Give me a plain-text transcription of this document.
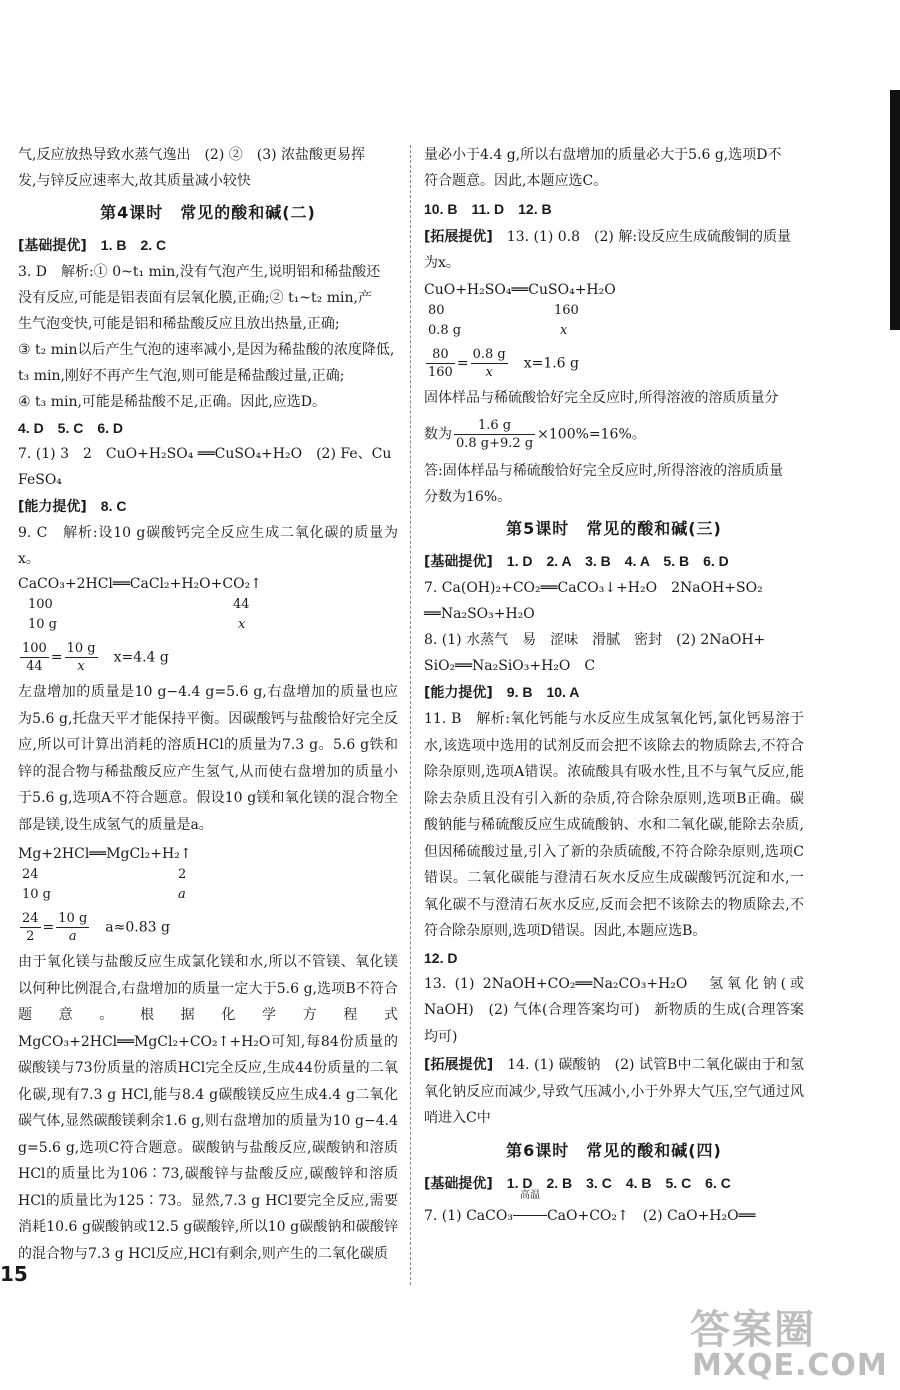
气,反应放热导致水蒸气逸出　(2) ②　(3) 浓盐酸更易挥

发,与锌反应速率大,故其质量减小较快

第4课时　常见的酸和碱(二)

[基础提优]　 1. B　2. C

3. D　解析:① 0~t₁ min,没有气泡产生,说明铝和稀盐酸还

没有反应,可能是铝表面有层氧化膜,正确;② t₁~t₂ min,产

生气泡变快,可能是铝和稀盐酸反应且放出热量,正确;

③ t₂ min以后产生气泡的速率减小,是因为稀盐酸的浓度降低,

t₃ min,刚好不再产生气泡,则可能是稀盐酸过量,正确;

④ t₃ min,可能是稀盐酸不足,正确。因此,应选D。

4. D　5. C　6. D

7. (1) 3　2　CuO+H₂SO₄ ══CuSO₄+H₂O　(2) Fe、Cu

FeSO₄

[能力提优]　 8. C

9. C　解析:设10 g碳酸钙完全反应生成二氧化碳的质量为x。

CaCO₃+2HCl══CaCl₂+H₂O+CO₂↑
100	44
10 g	x
$\frac{100}{44} = \frac{10 g}{x}$
　 x=4.4 g

左盘增加的质量是10 g−4.4 g=5.6 g,右盘增加的质量也应为5.6 g,托盘天平才能保持平衡。因碳酸钙与盐酸恰好完全反应,所以可计算出消耗的溶质HCl的质量为7.3 g。5.6 g铁和锌的混合物与稀盐酸反应产生氢气,从而使右盘增加的质量小于5.6 g,选项A不符合题意。假设10 g镁和氧化镁的混合物全部是镁,设生成氢气的质量是a。

Mg+2HCl══MgCl₂+H₂↑
24	2
10 g	a
$\frac{24}{2} = \frac{10 g}{a}$
　 a≈0.83 g

由于氧化镁与盐酸反应生成氯化镁和水,所以不管镁、氧化镁以何种比例混合,右盘增加的质量一定大于5.6 g,选项B不符合题意。根据化学方程式 MgCO₃+2HCl══MgCl₂+CO₂↑+H₂O可知,每84份质量的碳酸镁与73份质量的溶质HCl完全反应,生成44份质量的二氧化碳,现有7.3 g HCl,能与8.4 g碳酸镁反应生成4.4 g二氧化碳气体,显然碳酸镁剩余1.6 g,则右盘增加的质量为10 g−4.4 g=5.6 g,选项C符合题意。碳酸钠与盐酸反应,碳酸钠和溶质HCl的质量比为106∶73,碳酸锌与盐酸反应,碳酸锌和溶质HCl的质量比为125∶73。显然,7.3 g HCl要完全反应,需要消耗10.6 g碳酸钠或12.5 g碳酸锌,所以10 g碳酸钠和碳酸锌的混合物与7.3 g HCl反应,HCl有剩余,则产生的二氧化碳质

量必小于4.4 g,所以右盘增加的质量必大于5.6 g,选项D不

符合题意。因此,本题应选C。

10. B　11. D　12. B

[拓展提优]　 13. (1) 0.8　(2) 解:设反应生成硫酸铜的质量

为x。

CuO+H₂SO₄══CuSO₄+H₂O
80	160
0.8 g	x
$\frac{80}{160} = \frac{0.8 g}{x}$
　 x=1.6 g

固体样品与稀硫酸恰好完全反应时,所得溶液的溶质质量分

数为 $\frac{1.6 g}{0.8 g+9.2 g} \times 100\%=16\%$。

答:固体样品与稀硫酸恰好完全反应时,所得溶液的溶质质量

分数为16%。

第5课时　常见的酸和碱(三)

[基础提优]　 1. D　2. A　3. B　4. A　5. B　6. D

7. Ca(OH)₂+CO₂══CaCO₃↓+H₂O　2NaOH+SO₂

══Na₂SO₃+H₂O

8. (1) 水蒸气　易　涩味　滑腻　密封　(2) 2NaOH+

SiO₂══Na₂SiO₃+H₂O　C

[能力提优]　 9. B　10. A

11. B　解析:氧化钙能与水反应生成氢氧化钙,氯化钙易溶于水,该选项中选用的试剂反而会把不该除去的物质除去,不符合除杂原则,选项A错误。浓硫酸具有吸水性,且不与氧气反应,能除去杂质且没有引入新的杂质,符合除杂原则,选项B正确。碳酸钠能与稀硫酸反应生成硫酸钠、水和二氧化碳,能除去杂质,但因稀硫酸过量,引入了新的杂质硫酸,不符合除杂原则,选项C错误。二氧化碳能与澄清石灰水反应生成碳酸钙沉淀和水,一氧化碳不与澄清石灰水反应,反而会把不该除去的物质除去,不符合除杂原则,选项D错误。因此,本题应选B。

12. D

13. (1) 2NaOH+CO₂══Na₂CO₃+H₂O　氢氧化钠(或NaOH)　(2) 气体(合理答案均可)　新物质的生成(合理答案均可)

[拓展提优]　 14. (1) 碳酸钠　(2) 试管B中二氧化碳由于和氢氧化钠反应而减少,导致气压减小,小于外界大气压,空气通过风哨进入C中

第6课时　常见的酸和碱(四)

[基础提优]　 1. D　2. B　3. C　4. B　5. C　6. C

7. (1) CaCO₃
高温
CaO+CO₂↑　(2) CaO+H₂O══

15
答案圈
MXQE.COM
